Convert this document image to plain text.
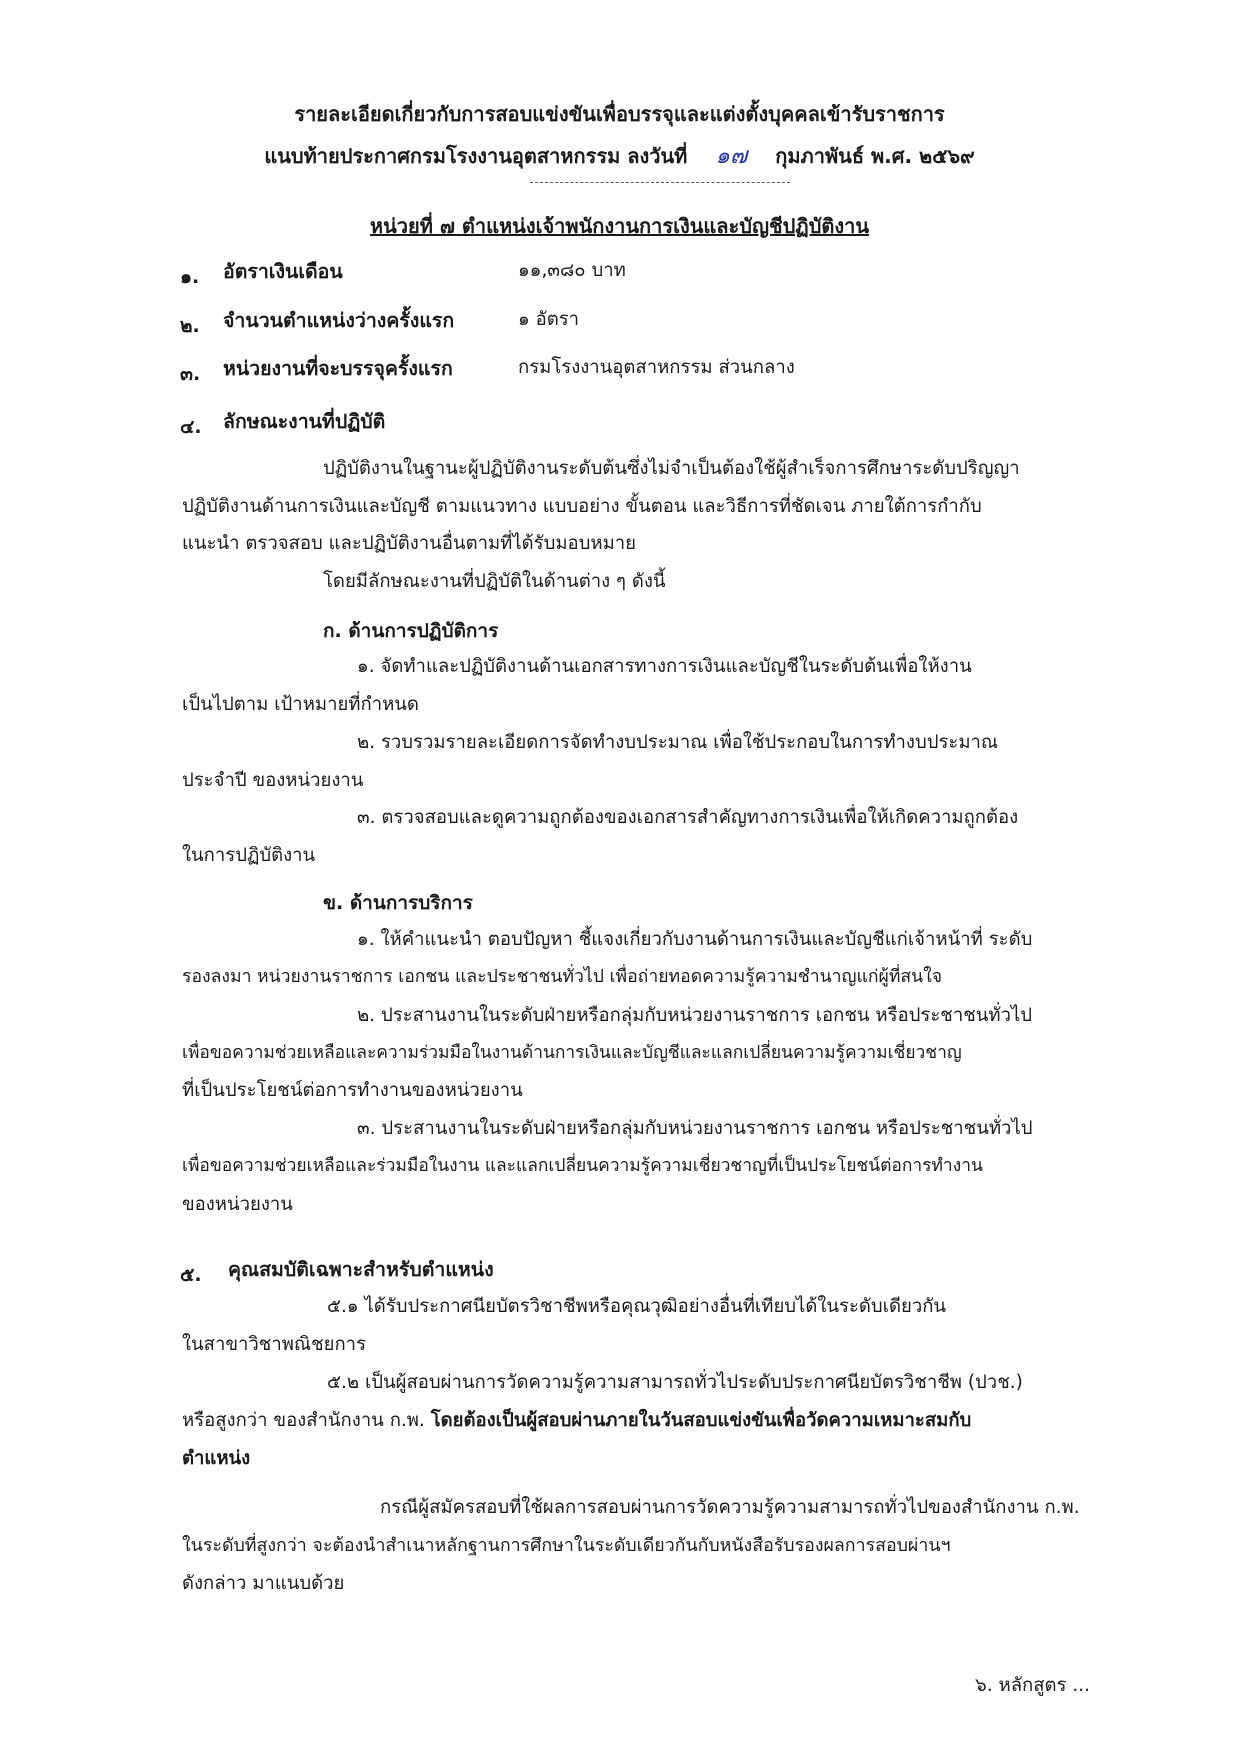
รายละเอียดเกี่ยวกับการสอบแข่งขันเพื่อบรรจุและแต่งตั้งบุคคลเข้ารับราชการ
แนบท้ายประกาศกรมโรงงานอุตสาหกรรม ลงวันที่ ๑๗ กุมภาพันธ์ พ.ศ. ๒๕๖๙
หน่วยที่ ๗ ตำแหน่งเจ้าพนักงานการเงินและบัญชีปฏิบัติงาน
๑. อัตราเงินเดือน	๑๑,๓๘๐ บาท
๒. จำนวนตำแหน่งว่างครั้งแรก	๑ อัตรา
๓. หน่วยงานที่จะบรรจุครั้งแรก	กรมโรงงานอุตสาหกรรม ส่วนกลาง
๔. ลักษณะงานที่ปฏิบัติ
ปฏิบัติงานในฐานะผู้ปฏิบัติงานระดับต้นซึ่งไม่จำเป็นต้องใช้ผู้สำเร็จการศึกษาระดับปริญญา
ปฏิบัติงานด้านการเงินและบัญชี ตามแนวทาง แบบอย่าง ขั้นตอน และวิธีการที่ชัดเจน ภายใต้การกำกับ
แนะนำ ตรวจสอบ และปฏิบัติงานอื่นตามที่ได้รับมอบหมาย
โดยมีลักษณะงานที่ปฏิบัติในด้านต่าง ๆ ดังนี้
ก. ด้านการปฏิบัติการ
๑. จัดทำและปฏิบัติงานด้านเอกสารทางการเงินและบัญชีในระดับต้นเพื่อให้งาน
เป็นไปตาม เป้าหมายที่กำหนด
๒. รวบรวมรายละเอียดการจัดทำงบประมาณ เพื่อใช้ประกอบในการทำงบประมาณ
ประจำปี ของหน่วยงาน
๓. ตรวจสอบและดูความถูกต้องของเอกสารสำคัญทางการเงินเพื่อให้เกิดความถูกต้อง
ในการปฏิบัติงาน
ข. ด้านการบริการ
๑. ให้คำแนะนำ ตอบปัญหา ชี้แจงเกี่ยวกับงานด้านการเงินและบัญชีแก่เจ้าหน้าที่ ระดับ
รองลงมา หน่วยงานราชการ เอกชน และประชาชนทั่วไป เพื่อถ่ายทอดความรู้ความชำนาญแก่ผู้ที่สนใจ
๒. ประสานงานในระดับฝ่ายหรือกลุ่มกับหน่วยงานราชการ เอกชน หรือประชาชนทั่วไป
เพื่อขอความช่วยเหลือและความร่วมมือในงานด้านการเงินและบัญชีและแลกเปลี่ยนความรู้ความเชี่ยวชาญ
ที่เป็นประโยชน์ต่อการทำงานของหน่วยงาน
๓. ประสานงานในระดับฝ่ายหรือกลุ่มกับหน่วยงานราชการ เอกชน หรือประชาชนทั่วไป
เพื่อขอความช่วยเหลือและร่วมมือในงาน และแลกเปลี่ยนความรู้ความเชี่ยวชาญที่เป็นประโยชน์ต่อการทำงาน
ของหน่วยงาน
๕. คุณสมบัติเฉพาะสำหรับตำแหน่ง
๕.๑ ได้รับประกาศนียบัตรวิชาชีพหรือคุณวุฒิอย่างอื่นที่เทียบได้ในระดับเดียวกัน
ในสาขาวิชาพณิชยการ
๕.๒ เป็นผู้สอบผ่านการวัดความรู้ความสามารถทั่วไประดับประกาศนียบัตรวิชาชีพ (ปวช.)
หรือสูงกว่า ของสำนักงาน ก.พ. โดยต้องเป็นผู้สอบผ่านภายในวันสอบแข่งขันเพื่อวัดความเหมาะสมกับ
ตำแหน่ง
กรณีผู้สมัครสอบที่ใช้ผลการสอบผ่านการวัดความรู้ความสามารถทั่วไปของสำนักงาน ก.พ.
ในระดับที่สูงกว่า จะต้องนำสำเนาหลักฐานการศึกษาในระดับเดียวกันกับหนังสือรับรองผลการสอบผ่านฯ
ดังกล่าว มาแนบด้วย
๖. หลักสูตร ...
